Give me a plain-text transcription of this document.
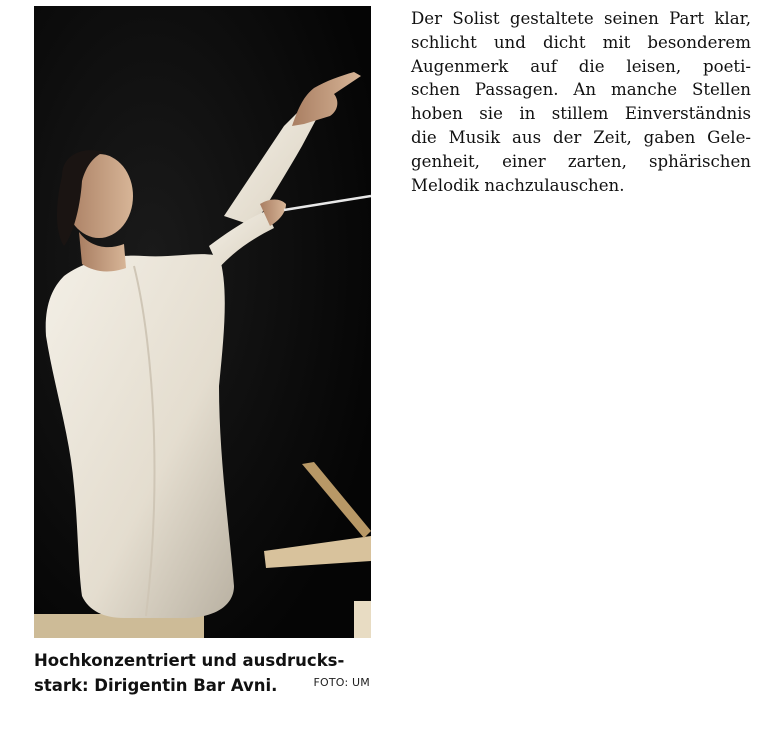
Hochkonzentriert und ausdrucks-
stark: Dirigentin Bar Avni.	FOTO: UM
Der Solist gestaltete seinen Part klar,
schlicht und dicht mit besonderem
Augenmerk auf die leisen, poeti-
schen Passagen. An manche Stellen
hoben sie in stillem Einverständnis
die Musik aus der Zeit, gaben Gele-
genheit, einer zarten, sphärischen
Melodik nachzulauschen.
